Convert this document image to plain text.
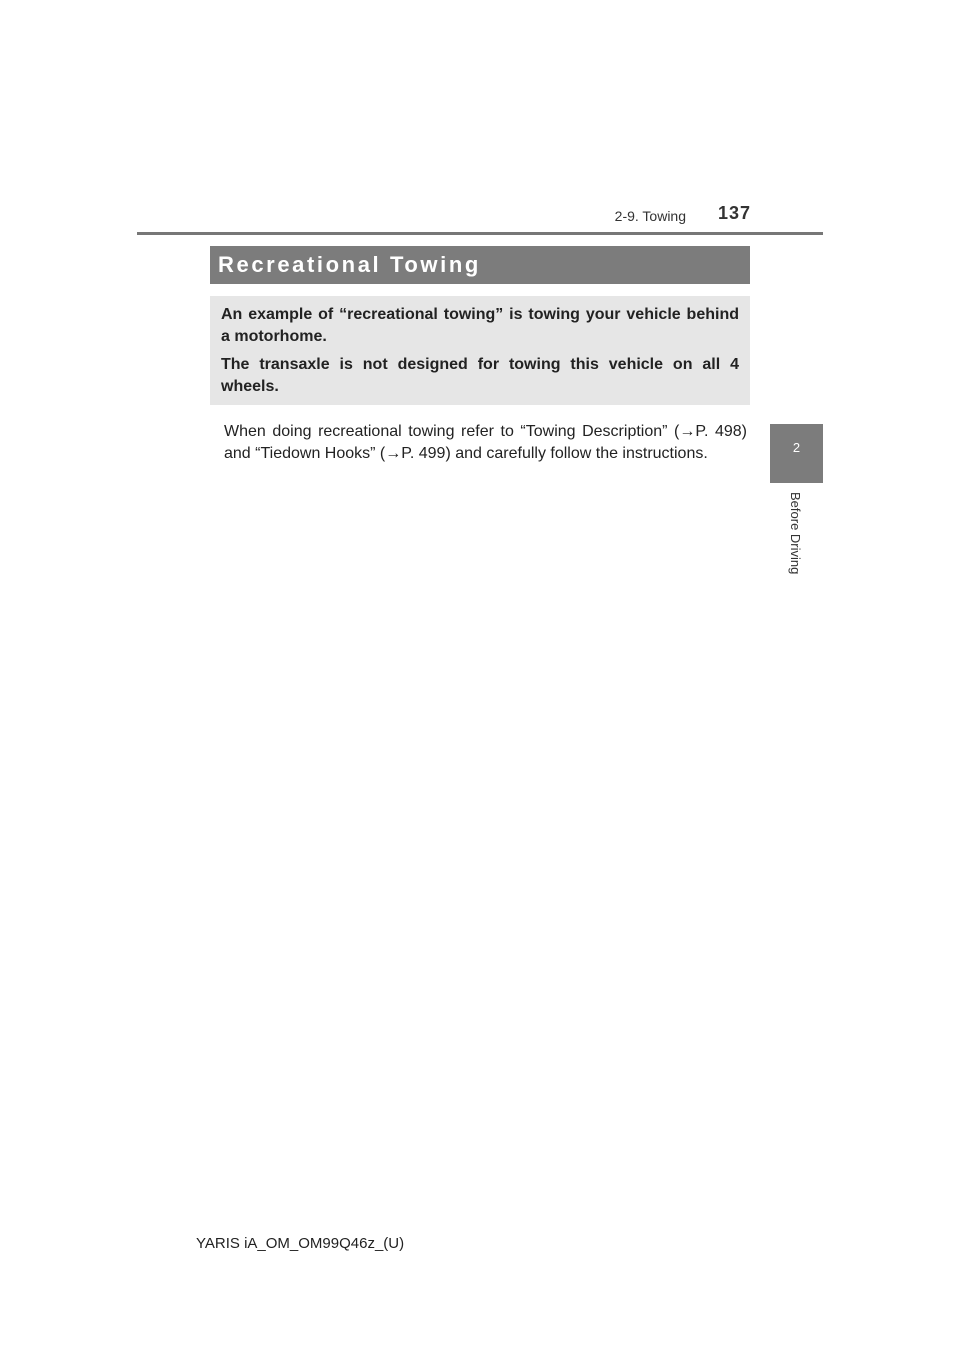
2-9. Towing 137
Recreational Towing

An example of “recreational towing” is towing your vehicle behind a motorhome.

The transaxle is not designed for towing this vehicle on all 4 wheels.

When doing recreational towing refer to “Towing Description” (→P. 498) and “Tiedown Hooks” (→P. 499) and carefully follow the instructions.	2
Before Driving
YARIS iA_OM_OM99Q46z_(U)
